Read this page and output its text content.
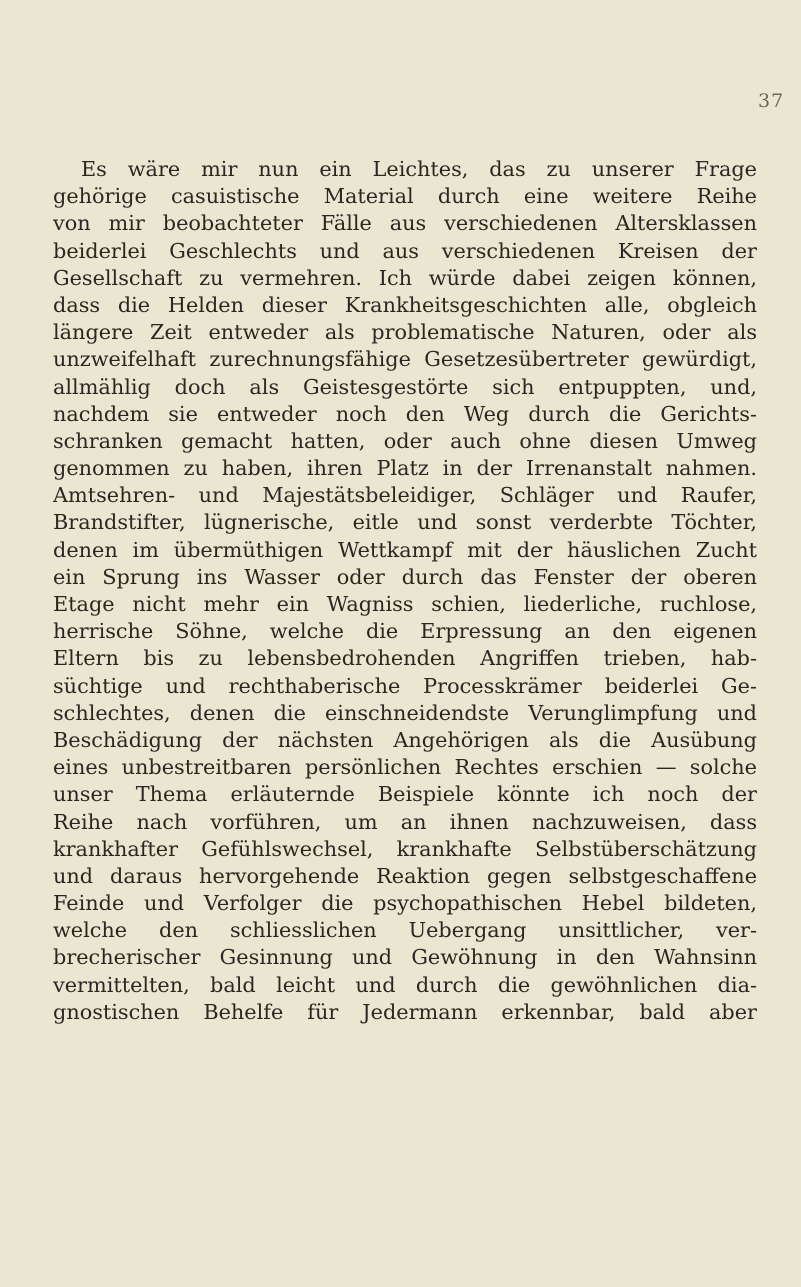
37
Es wäre mir nun ein Leichtes, das zu unserer Frage
gehörige casuistische Material durch eine weitere Reihe
von mir beobachteter Fälle aus verschiedenen Altersklassen
beiderlei Geschlechts und aus verschiedenen Kreisen der
Gesellschaft zu vermehren. Ich würde dabei zeigen können,
dass die Helden dieser Krankheitsgeschichten alle, obgleich
längere Zeit entweder als problematische Naturen, oder als
unzweifelhaft zurechnungsfähige Gesetzesübertreter gewürdigt,
allmählig doch als Geistesgestörte sich entpuppten, und,
nachdem sie entweder noch den Weg durch die Gerichts-
schranken gemacht hatten, oder auch ohne diesen Umweg
genommen zu haben, ihren Platz in der Irrenanstalt nahmen.
Amtsehren- und Majestätsbeleidiger, Schläger und Raufer,
Brandstifter, lügnerische, eitle und sonst verderbte Töchter,
denen im übermüthigen Wettkampf mit der häuslichen Zucht
ein Sprung ins Wasser oder durch das Fenster der oberen
Etage nicht mehr ein Wagniss schien, liederliche, ruchlose,
herrische Söhne, welche die Erpressung an den eigenen
Eltern bis zu lebensbedrohenden Angriffen trieben, hab-
süchtige und rechthaberische Processkrämer beiderlei Ge-
schlechtes, denen die einschneidendste Verunglimpfung und
Beschädigung der nächsten Angehörigen als die Ausübung
eines unbestreitbaren persönlichen Rechtes erschien — solche
unser Thema erläuternde Beispiele könnte ich noch der
Reihe nach vorführen, um an ihnen nachzuweisen, dass
krankhafter Gefühlswechsel, krankhafte Selbstüberschätzung
und daraus hervorgehende Reaktion gegen selbstgeschaffene
Feinde und Verfolger die psychopathischen Hebel bildeten,
welche den schliesslichen Uebergang unsittlicher, ver-
brecherischer Gesinnung und Gewöhnung in den Wahnsinn
vermittelten, bald leicht und durch die gewöhnlichen dia-
gnostischen Behelfe für Jedermann erkennbar, bald aber
